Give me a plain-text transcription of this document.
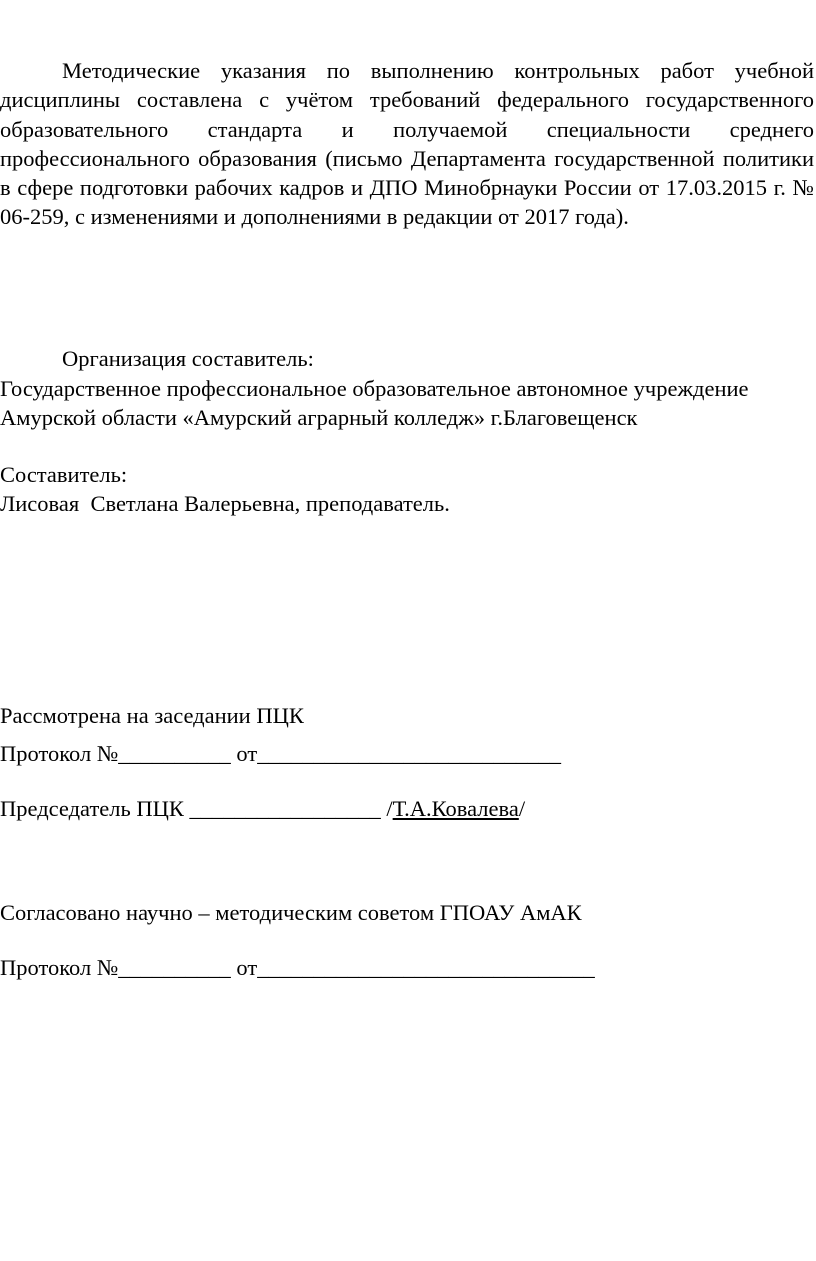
Методические указания по выполнению контрольных работ учебной дисциплины составлена с учётом требований федерального государственного образовательного стандарта и получаемой специальности среднего профессионального образования (письмо Департамента государственной политики в сфере подготовки рабочих кадров и ДПО Минобрнауки России от 17.03.2015 г. № 06-259, с изменениями и дополнениями в редакции от 2017 года).

Организация составитель:

Государственное профессиональное образовательное автономное учреждение

Амурской области «Амурский аграрный колледж» г.Благовещенск

Составитель:

Лисовая  Светлана Валерьевна, преподаватель.

Рассмотрена на заседании ПЦК

Протокол №__________ от___________________________

Председатель ПЦК _________________ /Т.А.Ковалева/

Согласовано научно – методическим советом ГПОАУ АмАК

Протокол №__________ от______________________________
